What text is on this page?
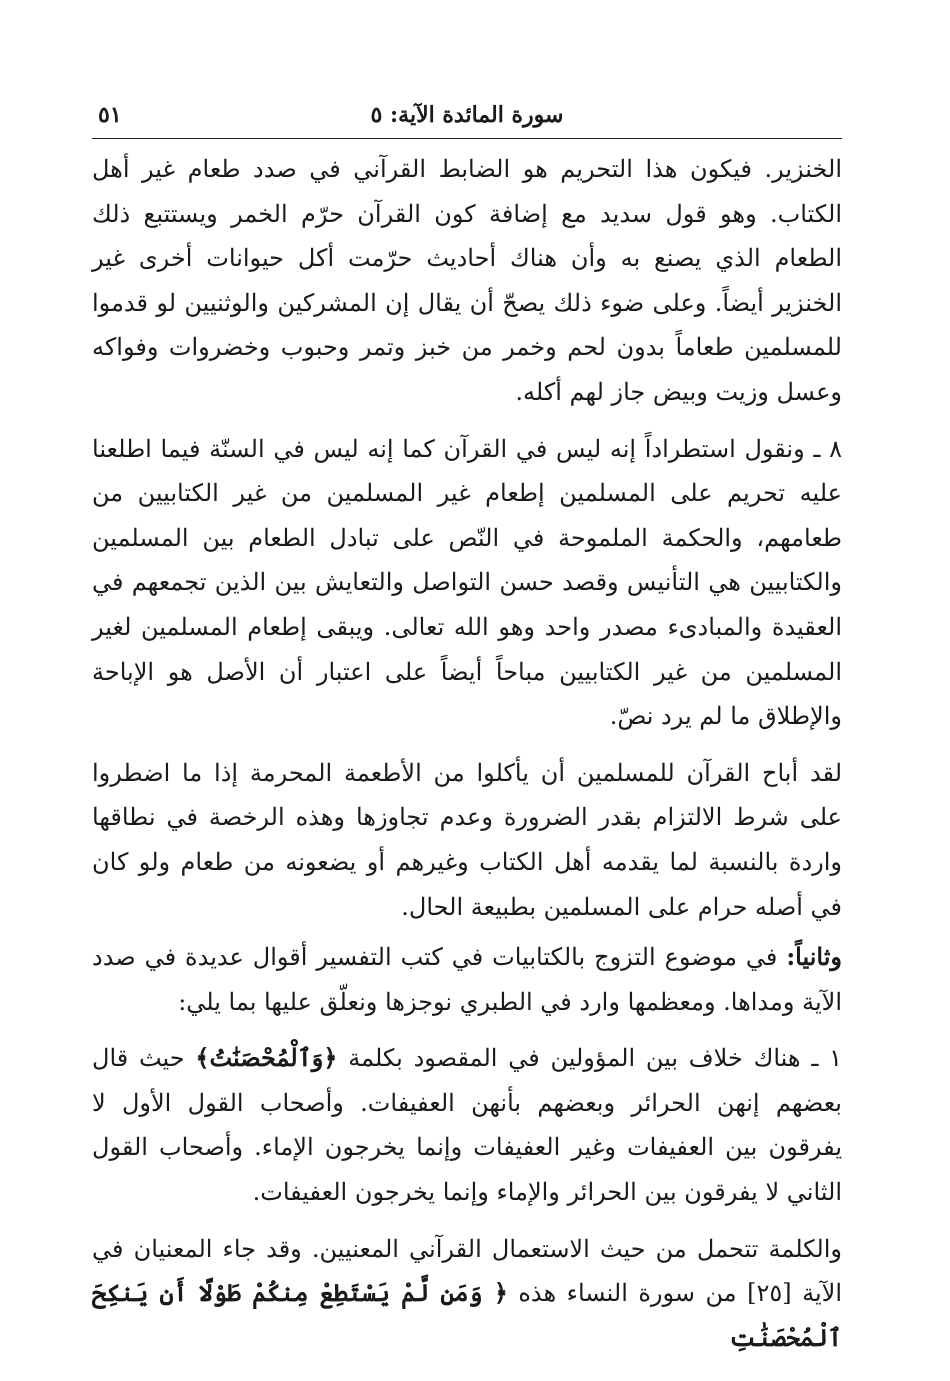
سورة المائدة الآية: ٥
٥١

الخنزير. فيكون هذا التحريم هو الضابط القرآني في صدد طعام غير أهل الكتاب. وهو قول سديد مع إضافة كون القرآن حرّم الخمر ويستتبع ذلك الطعام الذي يصنع به وأن هناك أحاديث حرّمت أكل حيوانات أخرى غير الخنزير أيضاً. وعلى ضوء ذلك يصحّ أن يقال إن المشركين والوثنيين لو قدموا للمسلمين طعاماً بدون لحم وخمر من خبز وتمر وحبوب وخضروات وفواكه وعسل وزيت وبيض جاز لهم أكله.

٨ ـ ونقول استطراداً إنه ليس في القرآن كما إنه ليس في السنّة فيما اطلعنا عليه تحريم على المسلمين إطعام غير المسلمين من غير الكتابيين من طعامهم، والحكمة الملموحة في النّص على تبادل الطعام بين المسلمين والكتابيين هي التأنيس وقصد حسن التواصل والتعايش بين الذين تجمعهم في العقيدة والمبادىء مصدر واحد وهو الله تعالى. ويبقى إطعام المسلمين لغير المسلمين من غير الكتابيين مباحاً أيضاً على اعتبار أن الأصل هو الإباحة والإطلاق ما لم يرد نصّ.

لقد أباح القرآن للمسلمين أن يأكلوا من الأطعمة المحرمة إذا ما اضطروا على شرط الالتزام بقدر الضرورة وعدم تجاوزها وهذه الرخصة في نطاقها واردة بالنسبة لما يقدمه أهل الكتاب وغيرهم أو يضعونه من طعام ولو كان في أصله حرام على المسلمين بطبيعة الحال.

وثانياً: في موضوع التزوج بالكتابيات في كتب التفسير أقوال عديدة في صدد الآية ومداها. ومعظمها وارد في الطبري نوجزها ونعلّق عليها بما يلي:

١ ـ هناك خلاف بين المؤولين في المقصود بكلمة ﴿وَٱلْمُحْصَنَٰتُ﴾ حيث قال بعضهم إنهن الحرائر وبعضهم بأنهن العفيفات. وأصحاب القول الأول لا يفرقون بين العفيفات وغير العفيفات وإنما يخرجون الإماء. وأصحاب القول الثاني لا يفرقون بين الحرائر والإماء وإنما يخرجون العفيفات.

والكلمة تتحمل من حيث الاستعمال القرآني المعنيين. وقد جاء المعنيان في الآية [٢٥] من سورة النساء هذه ﴿ وَمَن لَّمْ يَسْتَطِعْ مِنكُمْ طَوْلًا أَن يَنكِحَ ٱلْمُحْصَنَٰتِ
